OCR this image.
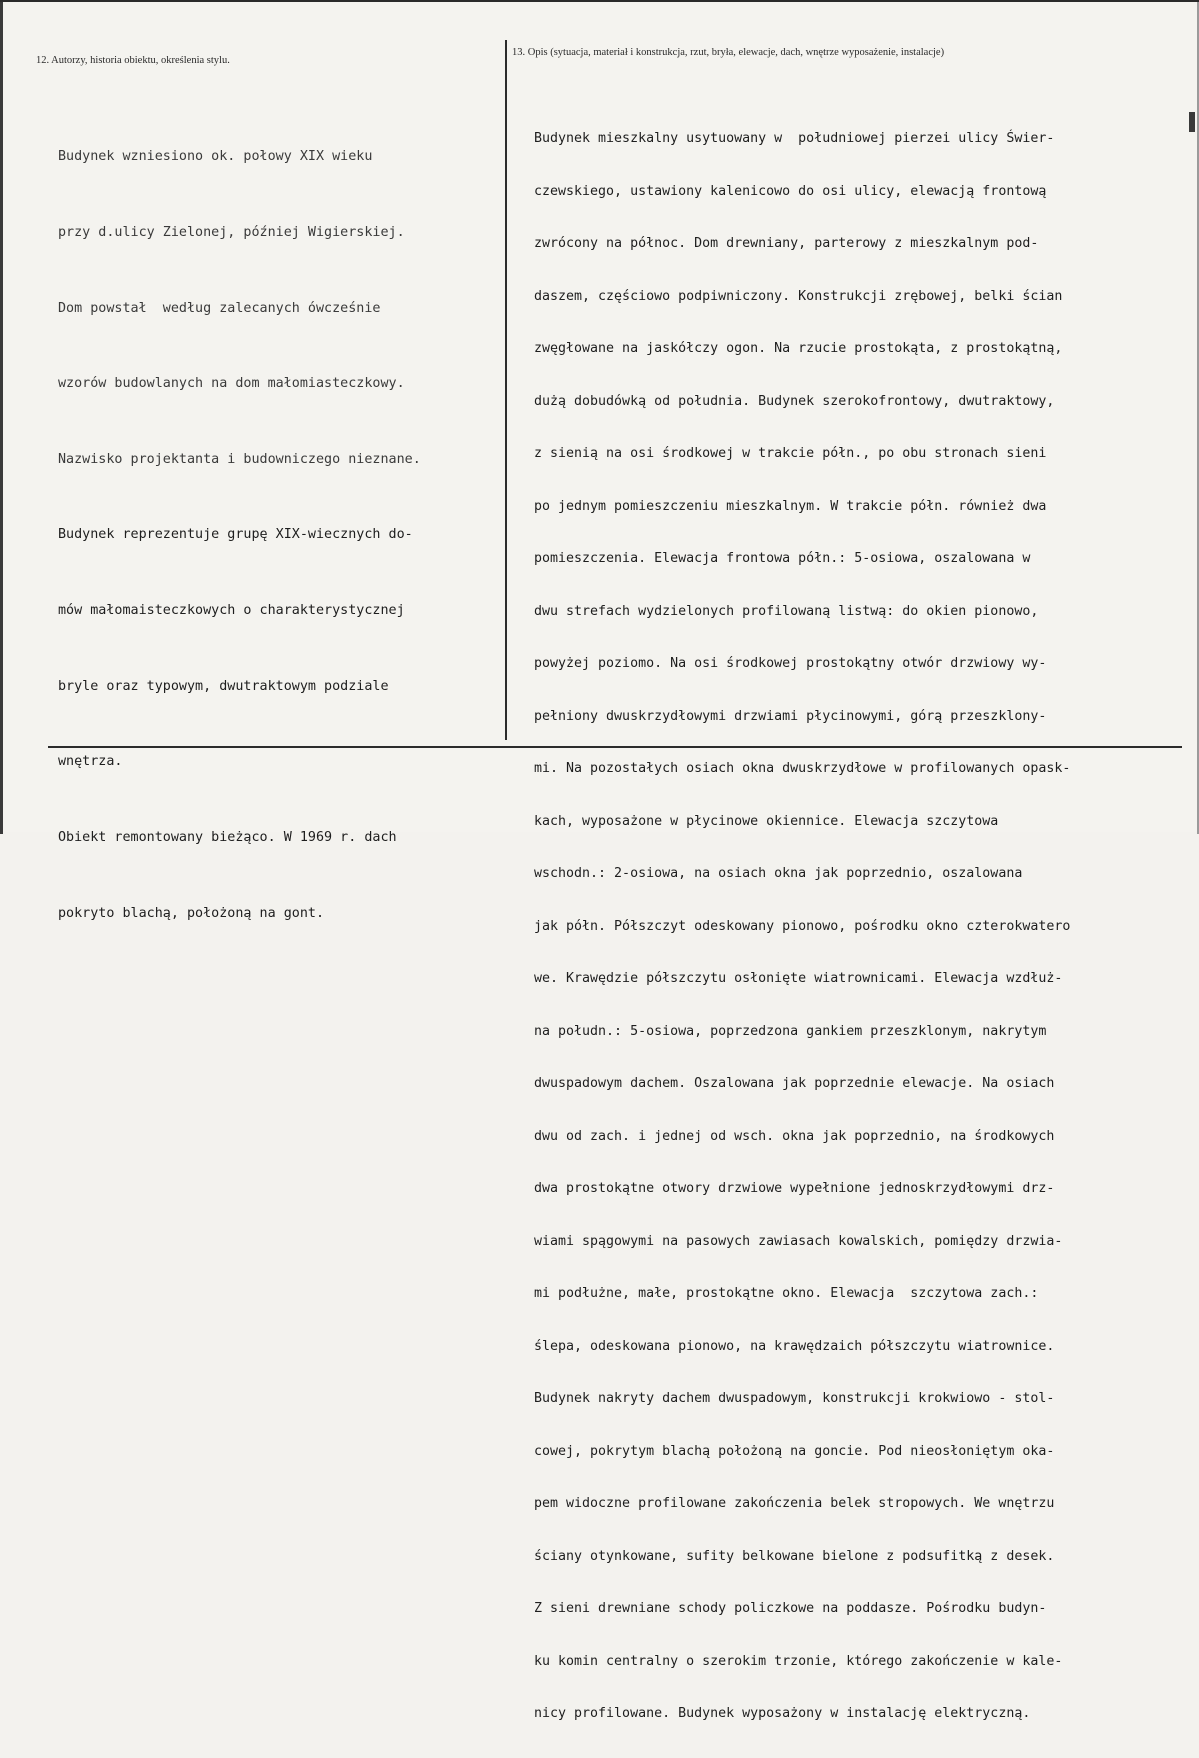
12. Autorzy, historia obiektu, określenia stylu.
13. Opis (sytuacja, materiał i konstrukcja, rzut, bryła, elewacje, dach, wnętrze wyposażenie, instalacje)

Budynek wzniesiono ok. połowy XIX wieku

przy d.ulicy Zielonej, później Wigierskiej.

Dom powstał  według zalecanych ówcześnie

wzorów budowlanych na dom małomiasteczkowy.

Nazwisko projektanta i budowniczego nieznane.

Budynek reprezentuje grupę XIX-wiecznych do-

mów małomaisteczkowych o charakterystycznej

bryle oraz typowym, dwutraktowym podziale

wnętrza.

Obiekt remontowany bieżąco. W 1969 r. dach

pokryto blachą, położoną na gont.

Budynek mieszkalny usytuowany w  południowej pierzei ulicy Świer-

czewskiego, ustawiony kalenicowo do osi ulicy, elewacją frontową

zwrócony na północ. Dom drewniany, parterowy z mieszkalnym pod-

daszem, częściowo podpiwniczony. Konstrukcji zrębowej, belki ścian

zwęgłowane na jaskółczy ogon. Na rzucie prostokąta, z prostokątną,

dużą dobudówką od południa. Budynek szerokofrontowy, dwutraktowy,

z sienią na osi środkowej w trakcie półn., po obu stronach sieni

po jednym pomieszczeniu mieszkalnym. W trakcie półn. również dwa

pomieszczenia. Elewacja frontowa półn.: 5-osiowa, oszalowana w

dwu strefach wydzielonych profilowaną listwą: do okien pionowo,

powyżej poziomo. Na osi środkowej prostokątny otwór drzwiowy wy-

pełniony dwuskrzydłowymi drzwiami płycinowymi, górą przeszklony-

mi. Na pozostałych osiach okna dwuskrzydłowe w profilowanych opask-

kach, wyposażone w płycinowe okiennice. Elewacja szczytowa

wschodn.: 2-osiowa, na osiach okna jak poprzednio, oszalowana

jak półn. Półszczyt odeskowany pionowo, pośrodku okno czterokwatero

we. Krawędzie półszczytu osłonięte wiatrownicami. Elewacja wzdłuż-

na połudn.: 5-osiowa, poprzedzona gankiem przeszklonym, nakrytym

dwuspadowym dachem. Oszalowana jak poprzednie elewacje. Na osiach

dwu od zach. i jednej od wsch. okna jak poprzednio, na środkowych

dwa prostokątne otwory drzwiowe wypełnione jednoskrzydłowymi drz-

wiami spągowymi na pasowych zawiasach kowalskich, pomiędzy drzwia-

mi podłużne, małe, prostokątne okno. Elewacja  szczytowa zach.:

ślepa, odeskowana pionowo, na krawędzaich półszczytu wiatrownice.

Budynek nakryty dachem dwuspadowym, konstrukcji krokwiowo - stol-

cowej, pokrytym blachą położoną na goncie. Pod nieosłoniętym oka-

pem widoczne profilowane zakończenia belek stropowych. We wnętrzu

ściany otynkowane, sufity belkowane bielone z podsufitką z desek.

Z sieni drewniane schody policzkowe na poddasze. Pośrodku budyn-

ku komin centralny o szerokim trzonie, którego zakończenie w kale-

nicy profilowane. Budynek wyposażony w instalację elektryczną.
